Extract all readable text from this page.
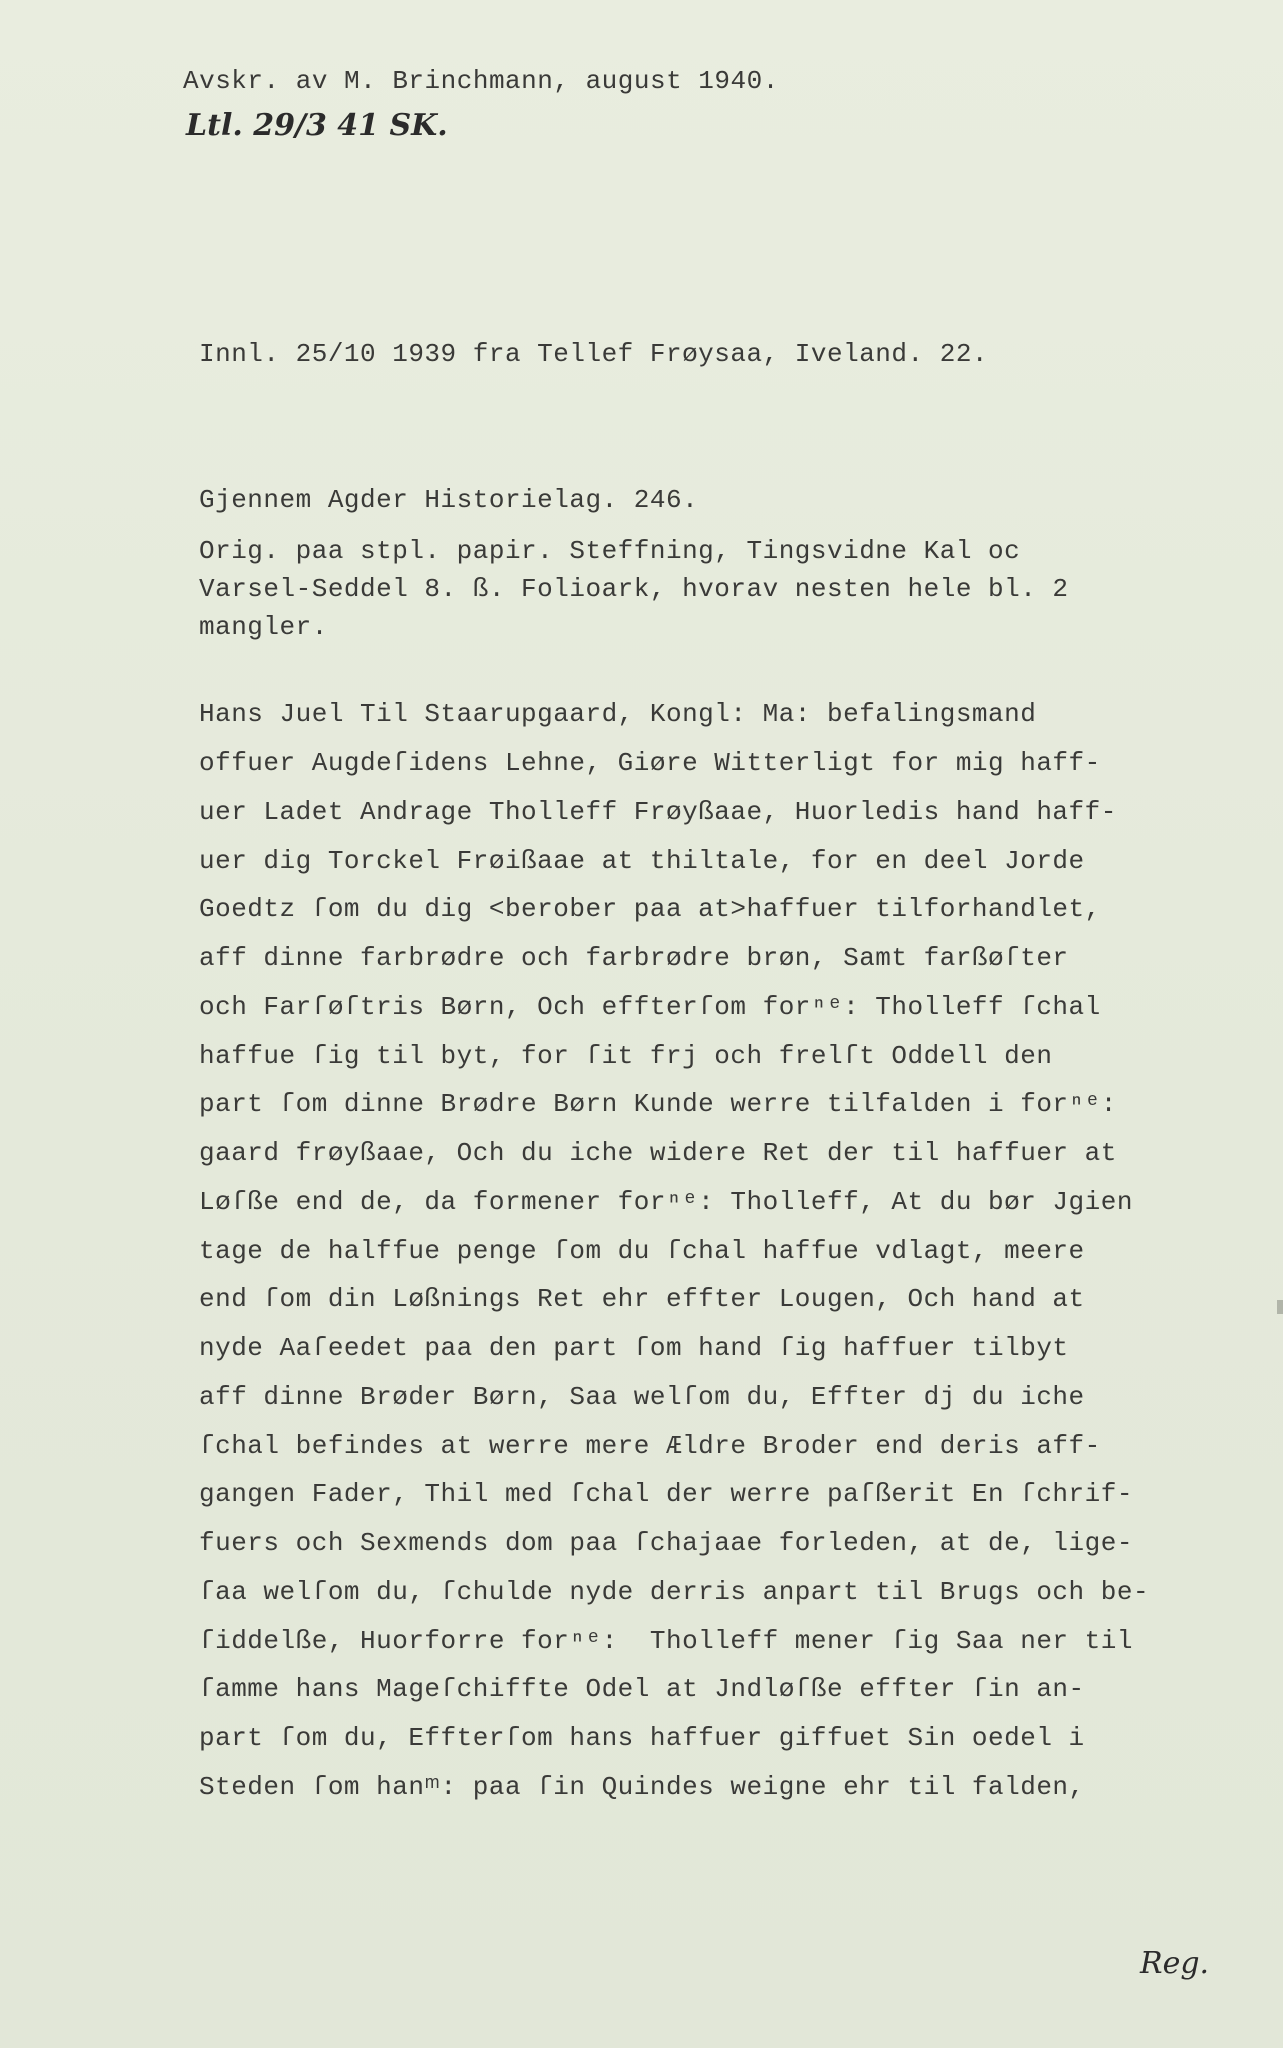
Avskr. av M. Brinchmann, august 1940.
Ltl. 29/3 41 SK.
Innl. 25/10 1939 fra Tellef Frøysaa, Iveland. 22.
Gjennem Agder Historielag. 246.
Orig. paa stpl. papir. Steffning, Tingsvidne Kal oc
Varsel-Seddel 8. ß. Folioark, hvorav nesten hele bl. 2
mangler.
Hans Juel Til Staarupgaard, Kongl: Ma: befalingsmand
offuer Augdeſidens Lehne, Giøre Witterligt for mig haff-
uer Ladet Andrage Tholleff Frøyßaae, Huorledis hand haff-
uer dig Torckel Frøißaae at thiltale, for en deel Jorde
Goedtz ſom du dig <berober paa at>haffuer tilforhandlet,
aff dinne farbrødre och farbrødre brøn, Samt farßøſter
och Farſøſtris Børn, Och effterſom forⁿᵉ: Tholleff ſchal
haffue ſig til byt, for ſit frj och frelſt Oddell den
part ſom dinne Brødre Børn Kunde werre tilfalden i forⁿᵉ:
gaard frøyßaae, Och du iche widere Ret der til haffuer at
Løſße end de, da formener forⁿᵉ: Tholleff, At du bør Jgien
tage de halffue penge ſom du ſchal haffue vdlagt, meere
end ſom din Løßnings Ret ehr effter Lougen, Och hand at
nyde Aaſeedet paa den part ſom hand ſig haffuer tilbyt
aff dinne Brøder Børn, Saa welſom du, Effter dj du iche
ſchal befindes at werre mere Ældre Broder end deris aff-
gangen Fader, Thil med ſchal der werre paſßerit En ſchrif-
fuers och Sexmends dom paa ſchajaae forleden, at de, lige-
ſaa welſom du, ſchulde nyde derris anpart til Brugs och be-
ſiddelße, Huorforre forⁿᵉ:  Tholleff mener ſig Saa ner til
ſamme hans Mageſchiffte Odel at Jndløſße effter ſin an-
part ſom du, Effterſom hans haffuer giffuet Sin oedel i
Steden ſom hanᵐ: paa ſin Quindes weigne ehr til falden,
Reg.
